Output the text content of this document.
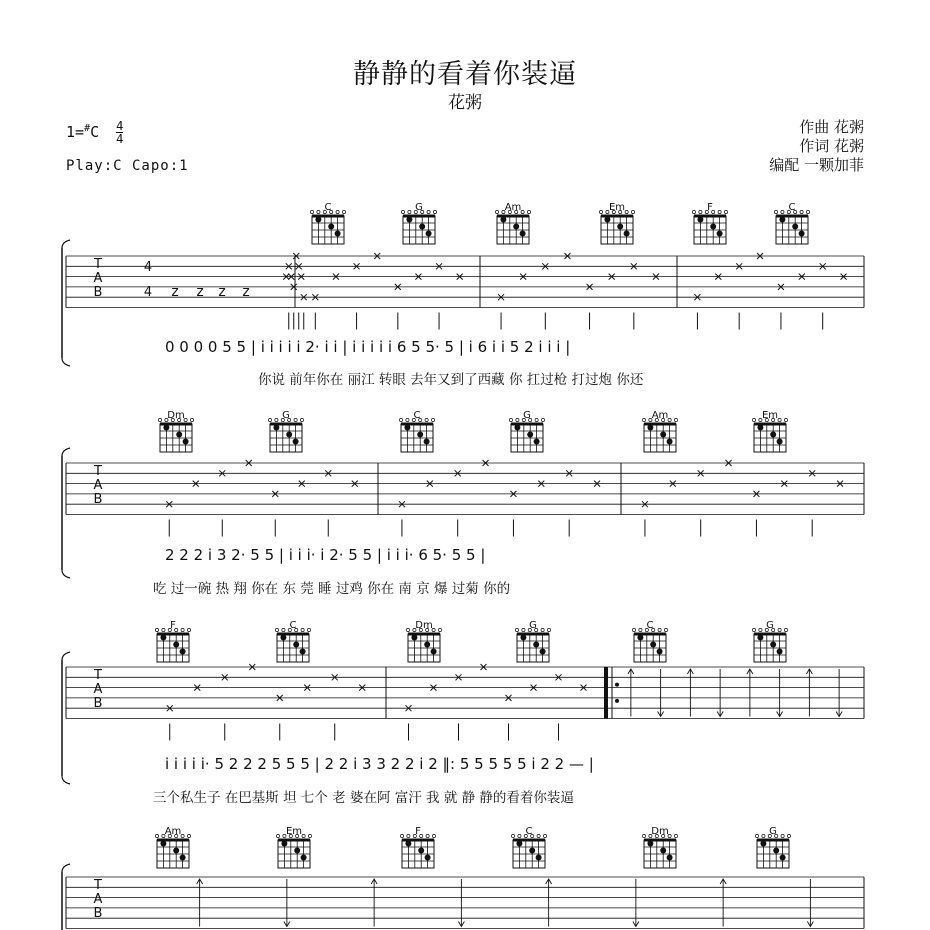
静静的看着你装逼
花粥
$1=^{\#}C \frac{4}{4}$
Play:C Capo:1
作曲 花粥
作词 花粥
编配 一颗加菲
T
A
B
4
4 z z z z
0 0 0 0 5 5 | i i i i i 2· i i | i i i i i 6 5 5· 5 | i 6 i i 5 2 i i i |
你说 前年你在 丽江 转眼 去年又到了西藏 你 扛过枪 打过炮 你还
C	G	Am	Em	F	C
T
A
B
2 2 2 i 3 2· 5 5 | i i i· i 2· 5 5 | i i i· 6 5· 5 5 |
吃 过一碗 热 翔 你在 东 莞 睡 过鸡 你在 南 京 爆 过菊 你的
Dm	G	C	G	Am	Em
T
A
B
i i i i i· 5 2 2 2 5 5 5 | 2 2 i 3 3 2 2 i 2 ‖: 5 5 5 5 5 i 2 2 — |
三个私生子 在巴基斯 坦 七个 老 婆在阿 富汗 我 就 静 静的看着你装逼
F	C	Dm	G	C	G
T
A
B
Am	Em	F	C	Dm	G
